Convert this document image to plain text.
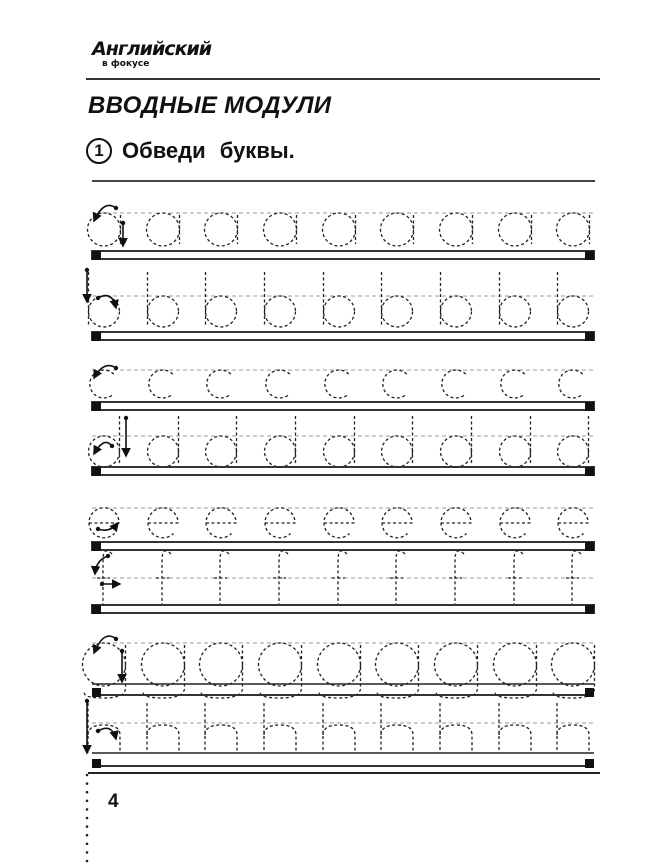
Английский
в фокусе
ВВОДНЫЕ МОДУЛИ
1 Обведи буквы.
4
